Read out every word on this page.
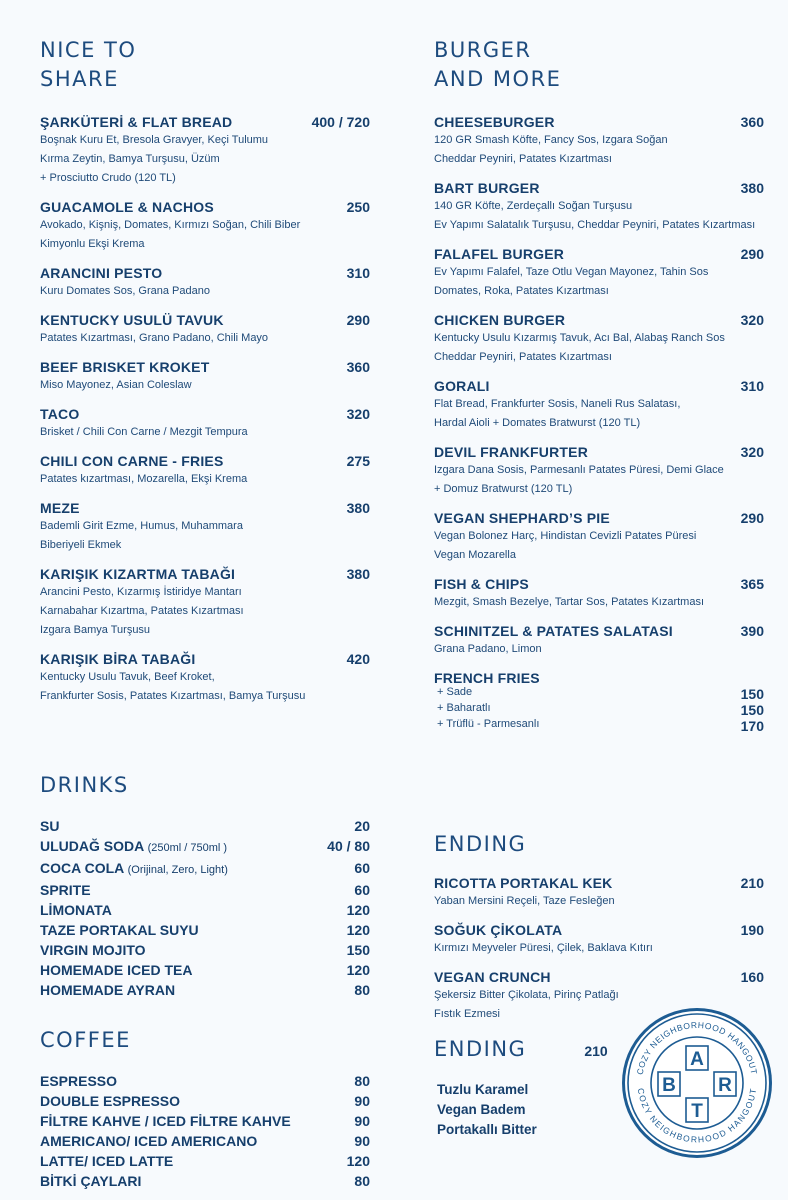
NICE TO
SHARE
ŞARKÜTERİ & FLAT BREAD	400 / 720
Boşnak Kuru Et, Bresola Gravyer, Keçi Tulumu
Kırma Zeytin, Bamya Turşusu, Üzüm
+ Prosciutto Crudo (120 TL)
GUACAMOLE & NACHOS	250
Avokado, Kişniş, Domates, Kırmızı Soğan, Chili Biber
Kimyonlu Ekşi Krema
ARANCINI PESTO	310
Kuru Domates Sos, Grana Padano
KENTUCKY USULÜ TAVUK	290
Patates Kızartması, Grano Padano, Chili Mayo
BEEF BRISKET KROKET	360
Miso Mayonez, Asian Coleslaw
TACO	320
Brisket / Chili Con Carne / Mezgit Tempura
CHILI CON CARNE - FRIES	275
Patates kızartması, Mozarella, Ekşi Krema
MEZE	380
Bademli Girit Ezme, Humus, Muhammara
Biberiyeli Ekmek
KARIŞIK KIZARTMA TABAĞI	380
Arancini Pesto, Kızarmış İstiridye Mantarı
Karnabahar Kızartma, Patates Kızartması
Izgara Bamya Turşusu
KARIŞIK BİRA TABAĞI	420
Kentucky Usulu Tavuk, Beef Kroket,
Frankfurter Sosis, Patates Kızartması, Bamya Turşusu
DRINKS
SU	20
ULUDAĞ SODA (250ml / 750ml )	40 / 80
COCA COLA (Orijinal, Zero, Light)	60
SPRITE	60
LİMONATA	120
TAZE PORTAKAL SUYU	120
VIRGIN MOJITO	150
HOMEMADE ICED TEA	120
HOMEMADE AYRAN	80
COFFEE
ESPRESSO	80
DOUBLE ESPRESSO	90
FİLTRE KAHVE / ICED FİLTRE KAHVE	90
AMERICANO/ ICED AMERICANO	90
LATTE/ ICED LATTE	120
BİTKİ ÇAYLARI	80
BURGER
AND MORE
CHEESEBURGER	360
120 GR Smash Köfte, Fancy Sos, Izgara Soğan
Cheddar Peyniri, Patates Kızartması
BART BURGER	380
140 GR Köfte, Zerdeçallı Soğan Turşusu
Ev Yapımı Salatalık Turşusu, Cheddar Peyniri, Patates Kızartması
FALAFEL BURGER	290
Ev Yapımı Falafel, Taze Otlu Vegan Mayonez, Tahin Sos
Domates, Roka, Patates Kızartması
CHICKEN BURGER	320
Kentucky Usulu Kızarmış Tavuk, Acı Bal, Alabaş Ranch Sos
Cheddar Peyniri, Patates Kızartması
GORALI	310
Flat Bread, Frankfurter Sosis, Naneli Rus Salatası,
Hardal Aioli + Domates Bratwurst (120 TL)
DEVIL FRANKFURTER	320
Izgara Dana Sosis, Parmesanlı Patates Püresi, Demi Glace
+ Domuz Bratwurst (120 TL)
VEGAN SHEPHARD’S PIE	290
Vegan Bolonez Harç, Hindistan Cevizli Patates Püresi
Vegan Mozarella
FISH & CHIPS	365
Mezgit, Smash Bezelye, Tartar Sos, Patates Kızartması
SCHINITZEL & PATATES SALATASI	390
Grana Padano, Limon
FRENCH FRIES
+ Sade	150
+ Baharatlı	150
+ Trüflü - Parmesanlı	170
ENDING
RICOTTA PORTAKAL KEK	210
Yaban Mersini Reçeli, Taze Fesleğen
SOĞUK ÇİKOLATA	190
Kırmızı Meyveler Püresi, Çilek, Baklava Kıtırı
VEGAN CRUNCH	160
Şekersiz Bitter Çikolata, Pirinç Patlağı
Fıstık Ezmesi
ENDING	210
Tuzlu Karamel
Vegan Badem
Portakallı Bitter
COZY NEIGHBORHOOD HANGOUT
COZY NEIGHBORHOOD HANGOUT
A
B R
T
